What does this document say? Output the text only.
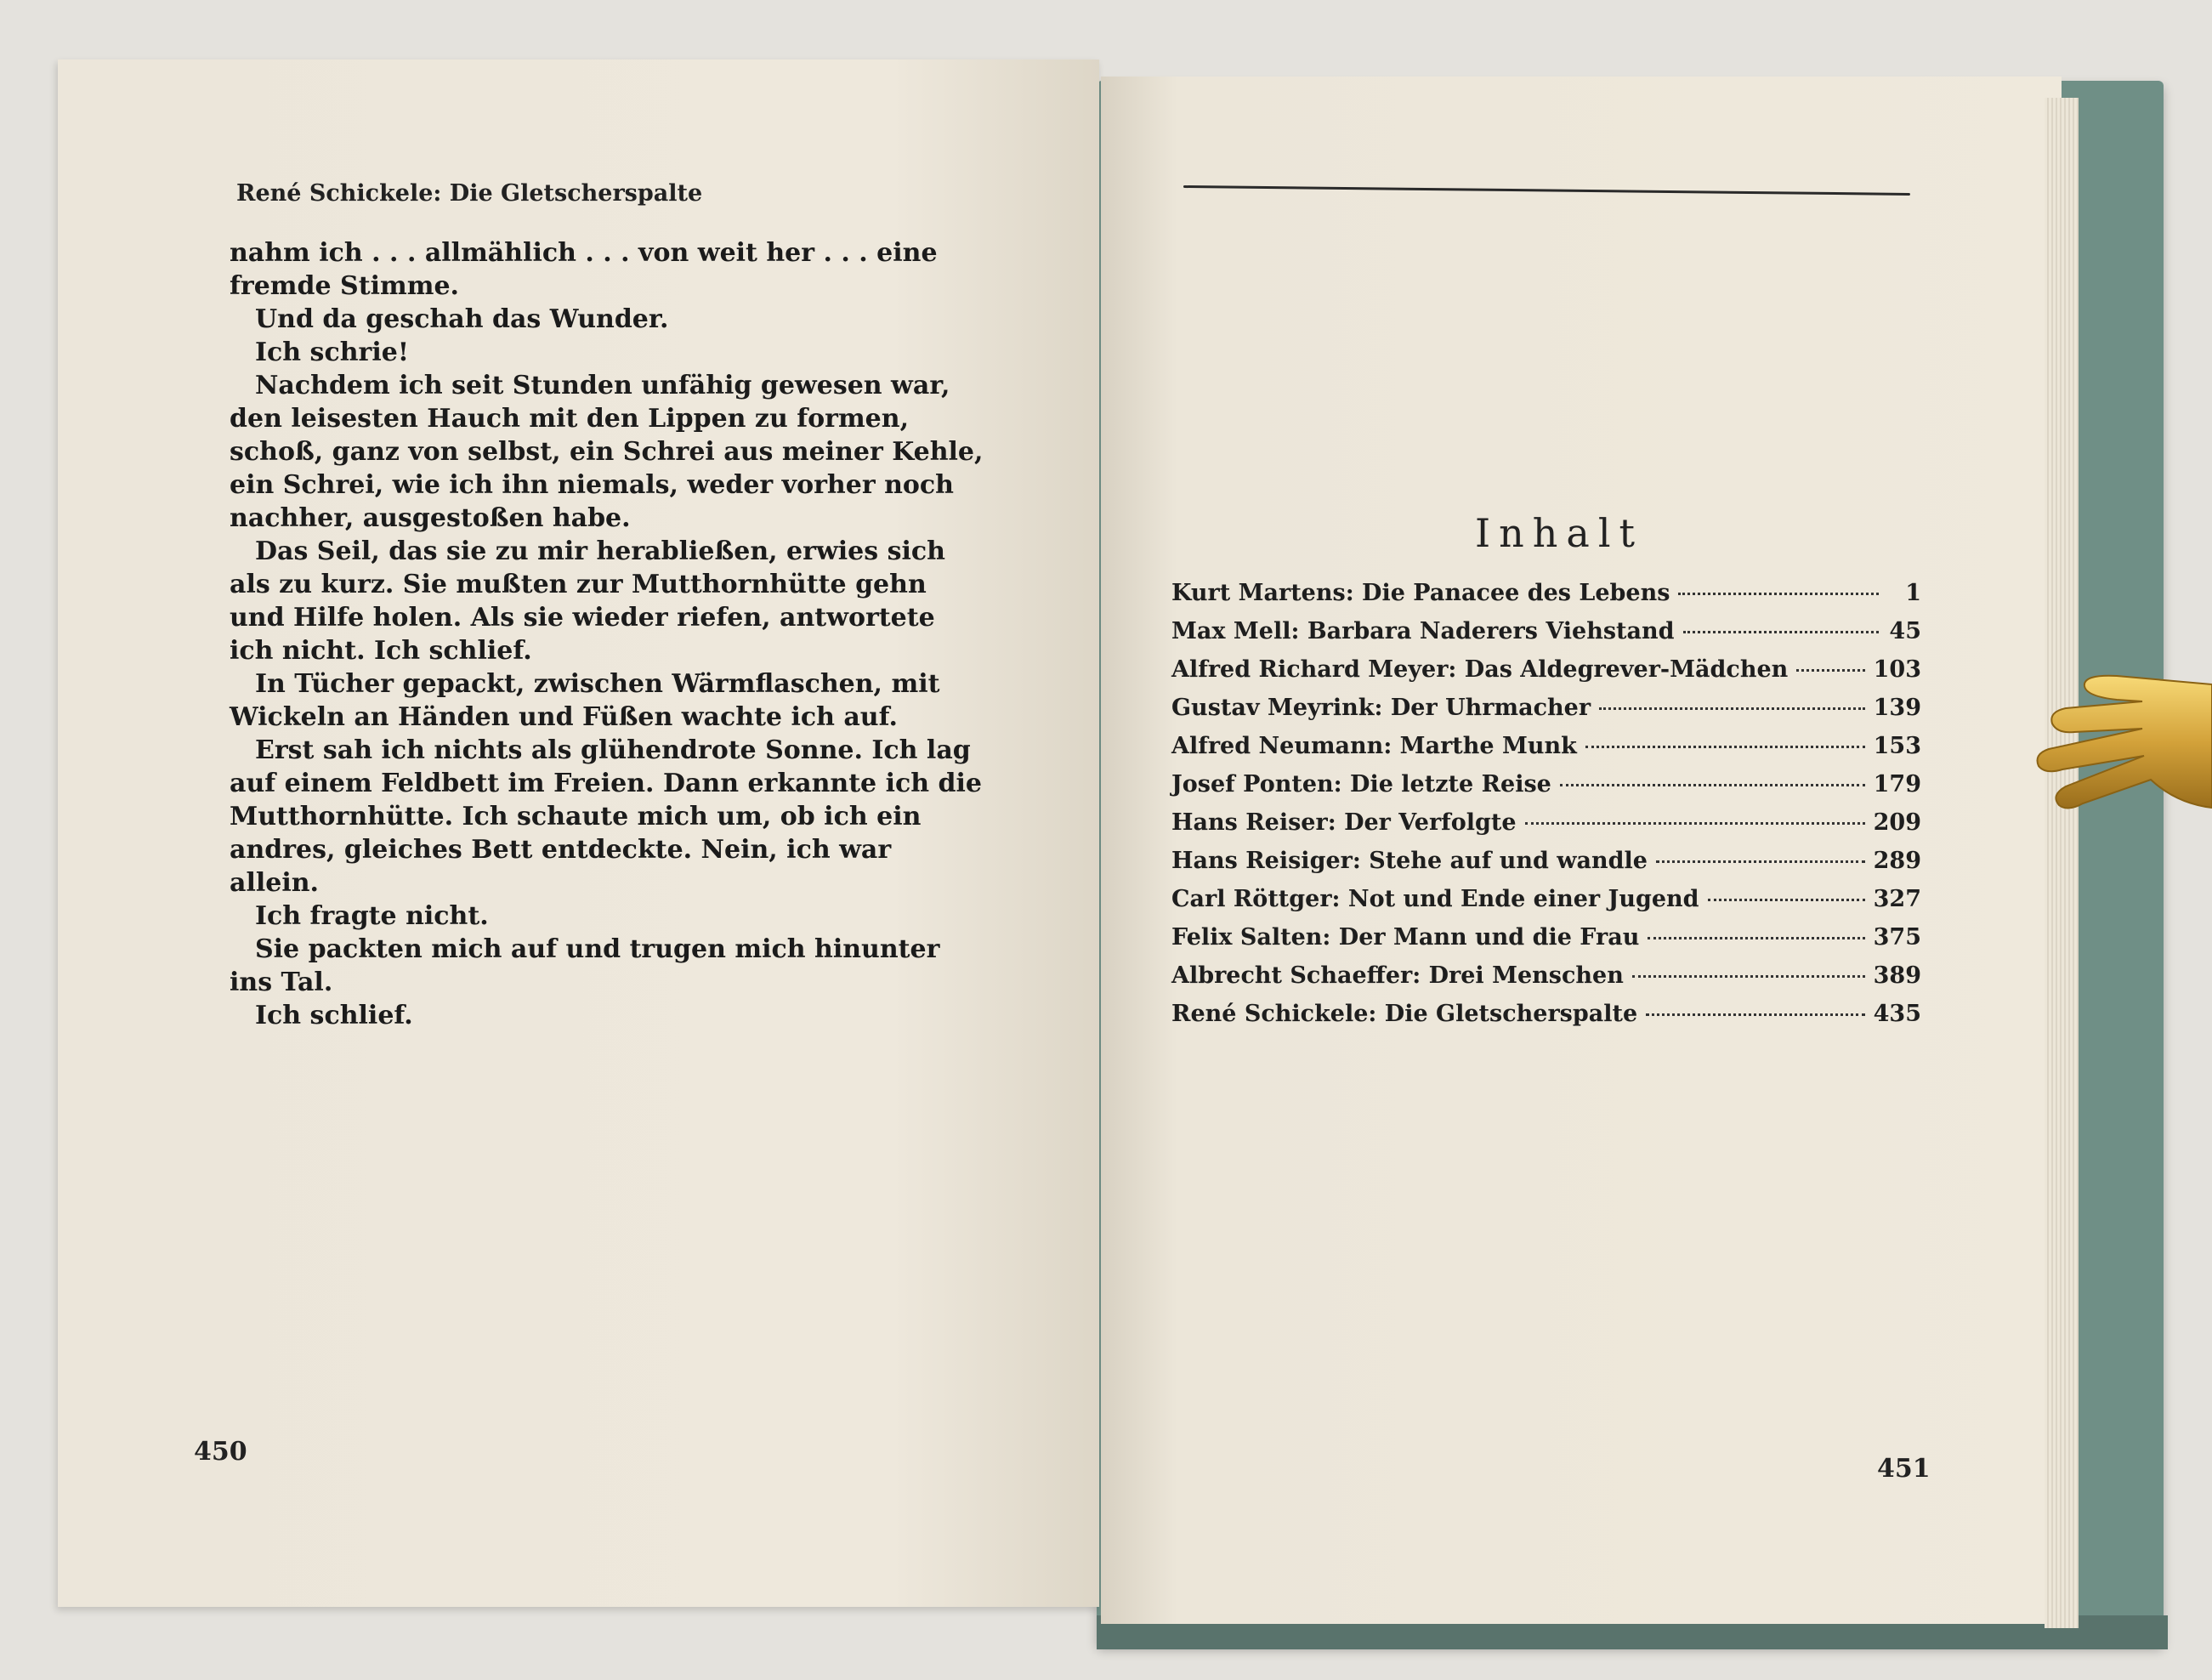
René Schickele: Die Gletscherspalte

nahm ich . . . allmählich . . . von weit her . . . eine fremde Stimme.

Und da geschah das Wunder.

Ich schrie!

Nachdem ich seit Stunden unfähig gewesen war, den leisesten Hauch mit den Lippen zu formen, schoß, ganz von selbst, ein Schrei aus meiner Kehle, ein Schrei, wie ich ihn niemals, weder vorher noch nachher, ausgestoßen habe.

Das Seil, das sie zu mir herabließen, erwies sich als zu kurz. Sie mußten zur Mutthornhütte gehn und Hilfe holen. Als sie wieder riefen, antwortete ich nicht. Ich schlief.

In Tücher gepackt, zwischen Wärmflaschen, mit Wickeln an Händen und Füßen wachte ich auf.

Erst sah ich nichts als glühendrote Sonne. Ich lag auf einem Feldbett im Freien. Dann erkannte ich die Mutthornhütte. Ich schaute mich um, ob ich ein andres, gleiches Bett entdeckte. Nein, ich war allein.

Ich fragte nicht.

Sie packten mich auf und trugen mich hinunter ins Tal.

Ich schlief.

450
Inhalt
Kurt Martens: Die Panacee des Lebens	1
Max Mell: Barbara Naderers Viehstand	45
Alfred Richard Meyer: Das Aldegrever-Mädchen	103
Gustav Meyrink: Der Uhrmacher	139
Alfred Neumann: Marthe Munk	153
Josef Ponten: Die letzte Reise	179
Hans Reiser: Der Verfolgte	209
Hans Reisiger: Stehe auf und wandle	289
Carl Röttger: Not und Ende einer Jugend	327
Felix Salten: Der Mann und die Frau	375
Albrecht Schaeffer: Drei Menschen	389
René Schickele: Die Gletscherspalte	435
451
